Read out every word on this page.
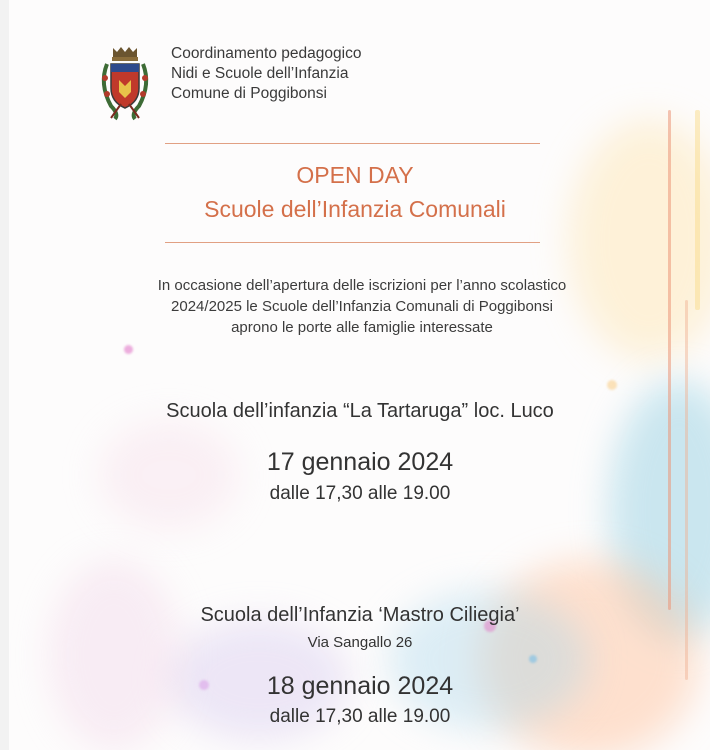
Coordinamento pedagogico
Nidi e Scuole dell’Infanzia
Comune di Poggibonsi
OPEN DAY
Scuole dell’Infanzia Comunali
In occasione dell’apertura delle iscrizioni per l’anno scolastico
2024/2025 le Scuole dell’Infanzia Comunali di Poggibonsi
aprono le porte alle famiglie interessate
Scuola dell’infanzia “La Tartaruga” loc. Luco
17 gennaio 2024
dalle 17,30 alle 19.00
Scuola dell’Infanzia ‘Mastro Ciliegia’
Via Sangallo 26
18 gennaio 2024
dalle 17,30 alle 19.00
